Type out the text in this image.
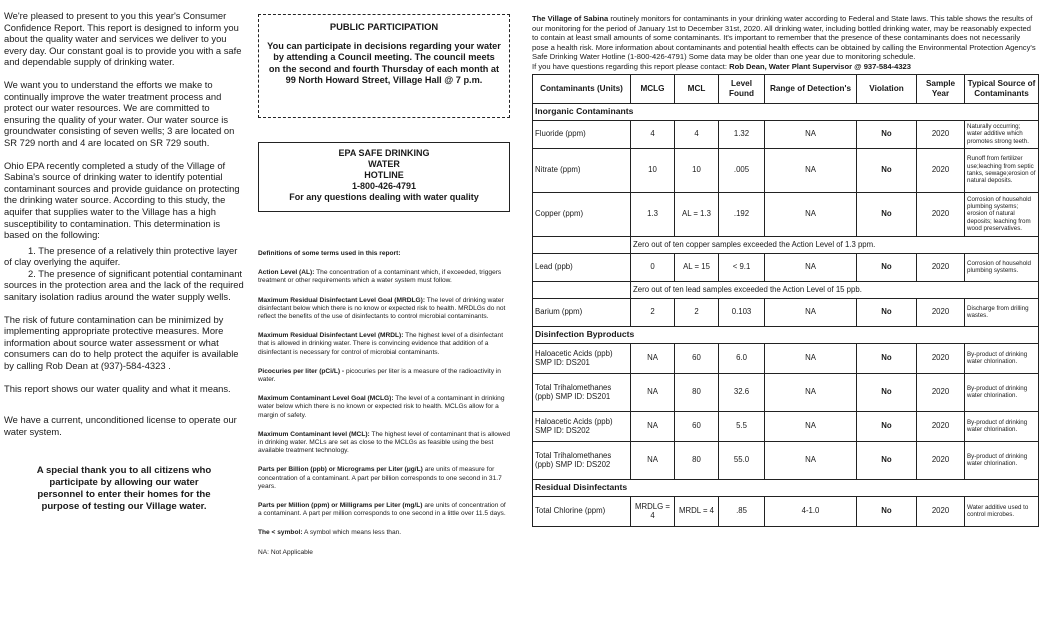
We're pleased to present to you this year's Consumer Confidence Report. This report is designed to inform you about the quality water and services we deliver to you every day. Our constant goal is to provide you with a safe and dependable supply of drinking water.

We want you to understand the efforts we make to continually improve the water treatment process and protect our water resources. We are committed to ensuring the quality of your water. Our water source is groundwater consisting of seven wells; 3 are located on SR 729 north and 4 are located on SR 729 south.

Ohio EPA recently completed a study of the Village of Sabina's source of drinking water to identify potential contaminant sources and provide guidance on protecting the drinking water source. According to this study, the aquifer that supplies water to the Village has a high susceptibility to contamination. This determination is based on the following:

1. The presence of a relatively thin protective layer of clay overlying the aquifer.

2. The presence of significant potential contaminant sources in the protection area and the lack of the required sanitary isolation radius around the water supply wells.

The risk of future contamination can be minimized by implementing appropriate protective measures. More information about source water assessment or what consumers can do to help protect the aquifer is available by calling Rob Dean at (937)-584-4323 .

This report shows our water quality and what it means.

We have a current, unconditioned license to operate our water system.

A special thank you to all citizens who participate by allowing our water personnel to enter their homes for the purpose of testing our Village water.

PUBLIC PARTICIPATION
You can participate in decisions regarding your water by attending a Council meeting. The council meets on the second and fourth Thursday of each month at 99 North Howard Street, Village Hall @ 7 p.m.
EPA SAFE DRINKING
WATER
HOTLINE
1-800-426-4791
For any questions dealing with water quality

Definitions of some terms used in this report:

Action Level (AL): The concentration of a contaminant which, if exceeded, triggers treatment or other requirements which a water system must follow.

Maximum Residual Disinfectant Level Goal (MRDLG): The level of drinking water disinfectant below which there is no know or expected risk to health. MRDLGs do not reflect the benefits of the use of disinfectants to control microbial contaminants.

Maximum Residual Disinfectant Level (MRDL): The highest level of a disinfectant that is allowed in drinking water. There is convincing evidence that addition of a disinfectant is necessary for control of microbial contaminants.

Picocuries per liter (pCi/L) - picocuries per liter is a measure of the radioactivity in water.

Maximum Contaminant Level Goal (MCLG): The level of a contaminant in drinking water below which there is no known or expected risk to health. MCLGs allow for a margin of safety.

Maximum Contaminant level (MCL): The highest level of contaminant that is allowed in drinking water. MCLs are set as close to the MCLGs as feasible using the best available treatment technology.

Parts per Billion (ppb) or Micrograms per Liter (μg/L) are units of measure for concentration of a contaminant. A part per billion corresponds to one second in 31.7 years.

Parts per Million (ppm) or Milligrams per Liter (mg/L) are units of concentration of a contaminant. A part per million corresponds to one second in a little over 11.5 days.

The < symbol: A symbol which means less than.

NA: Not Applicable

The Village of Sabina routinely monitors for contaminants in your drinking water according to Federal and State laws. This table shows the results of our monitoring for the period of January 1st to December 31st, 2020. All drinking water, including bottled drinking water, may be reasonably expected to contain at least small amounts of some contaminants. It's important to remember that the presence of these contaminants does not necessarily pose a health risk. More information about contaminants and potential health effects can be obtained by calling the Environmental Protection Agency's Safe Drinking Water Hotline (1-800-426-4791) Some data may be older than one year due to monitoring schedule.

If you have questions regarding this report please contact: Rob Dean, Water Plant Supervisor @ 937-584-4323

Contaminants (Units)	MCLG	MCL	Level Found	Range of Detection's	Violation	Sample Year	Typical Source of Contaminants
Inorganic Contaminants							
Fluoride (ppm)	4	4	1.32	NA	No	2020	Naturally occurring; water additive which promotes strong teeth.
Nitrate (ppm)	10	10	.005	NA	No	2020	Runoff from fertilizer use;leaching from septic tanks, sewage;erosion of natural deposits.
Copper (ppm)	1.3	AL = 1.3	.192	NA	No	2020	Corrosion of household plumbing systems; erosion of natural deposits; leaching from wood preservatives.
	Zero out of ten copper samples exceeded the Action Level of 1.3 ppm.						
Lead (ppb)	0	AL = 15	< 9.1	NA	No	2020	Corrosion of household plumbing systems.
	Zero out of ten lead samples exceeded the Action Level of 15 ppb.						
Barium (ppm)	2	2	0.103	NA	No	2020	Discharge from drilling wastes.
Disinfection Byproducts							
Haloacetic Acids (ppb) SMP ID: DS201	NA	60	6.0	NA	No	2020	By-product of drinking water chlorination.
Total Trihalomethanes (ppb) SMP ID: DS201	NA	80	32.6	NA	No	2020	By-product of drinking water chlorination.
Haloacetic Acids (ppb) SMP ID: DS202	NA	60	5.5	NA	No	2020	By-product of drinking water chlorination.
Total Trihalomethanes (ppb) SMP ID: DS202	NA	80	55.0	NA	No	2020	By-product of drinking water chlorination.
Residual Disinfectants							
Total Chlorine (ppm)	MRDLG = 4	MRDL = 4	.85	4-1.0	No	2020	Water additive used to control microbes.
